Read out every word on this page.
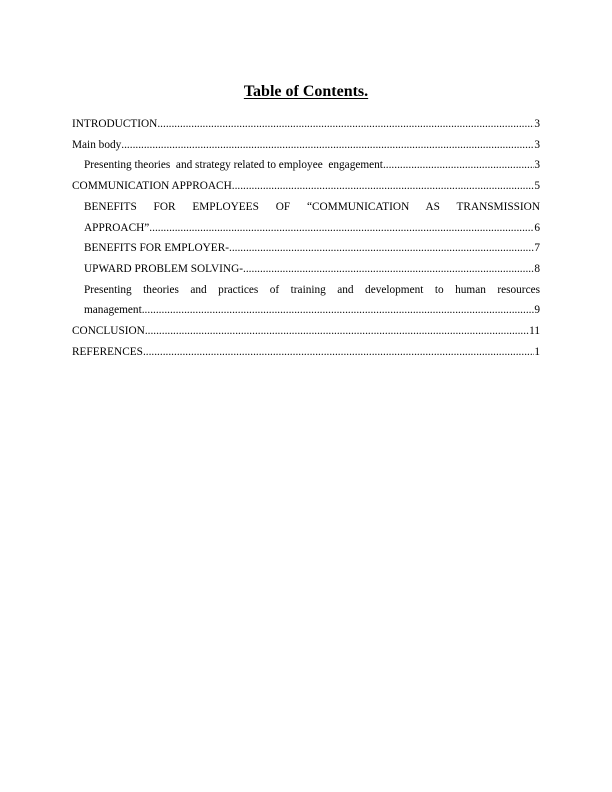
Table of Contents.
INTRODUCTION .....	3
Main body .....	3
Presenting theories  and strategy related to employee  engagement .....	3
COMMUNICATION APPROACH .....	5
BENEFITS FOR EMPLOYEES OF “COMMUNICATION AS TRANSMISSION
APPROACH” .....	6
BENEFITS FOR EMPLOYER- .....	7
UPWARD PROBLEM SOLVING- .....	8
Presenting theories and practices of training and development to human resources
management .....	9
CONCLUSION .....	11
REFERENCES .....	1
